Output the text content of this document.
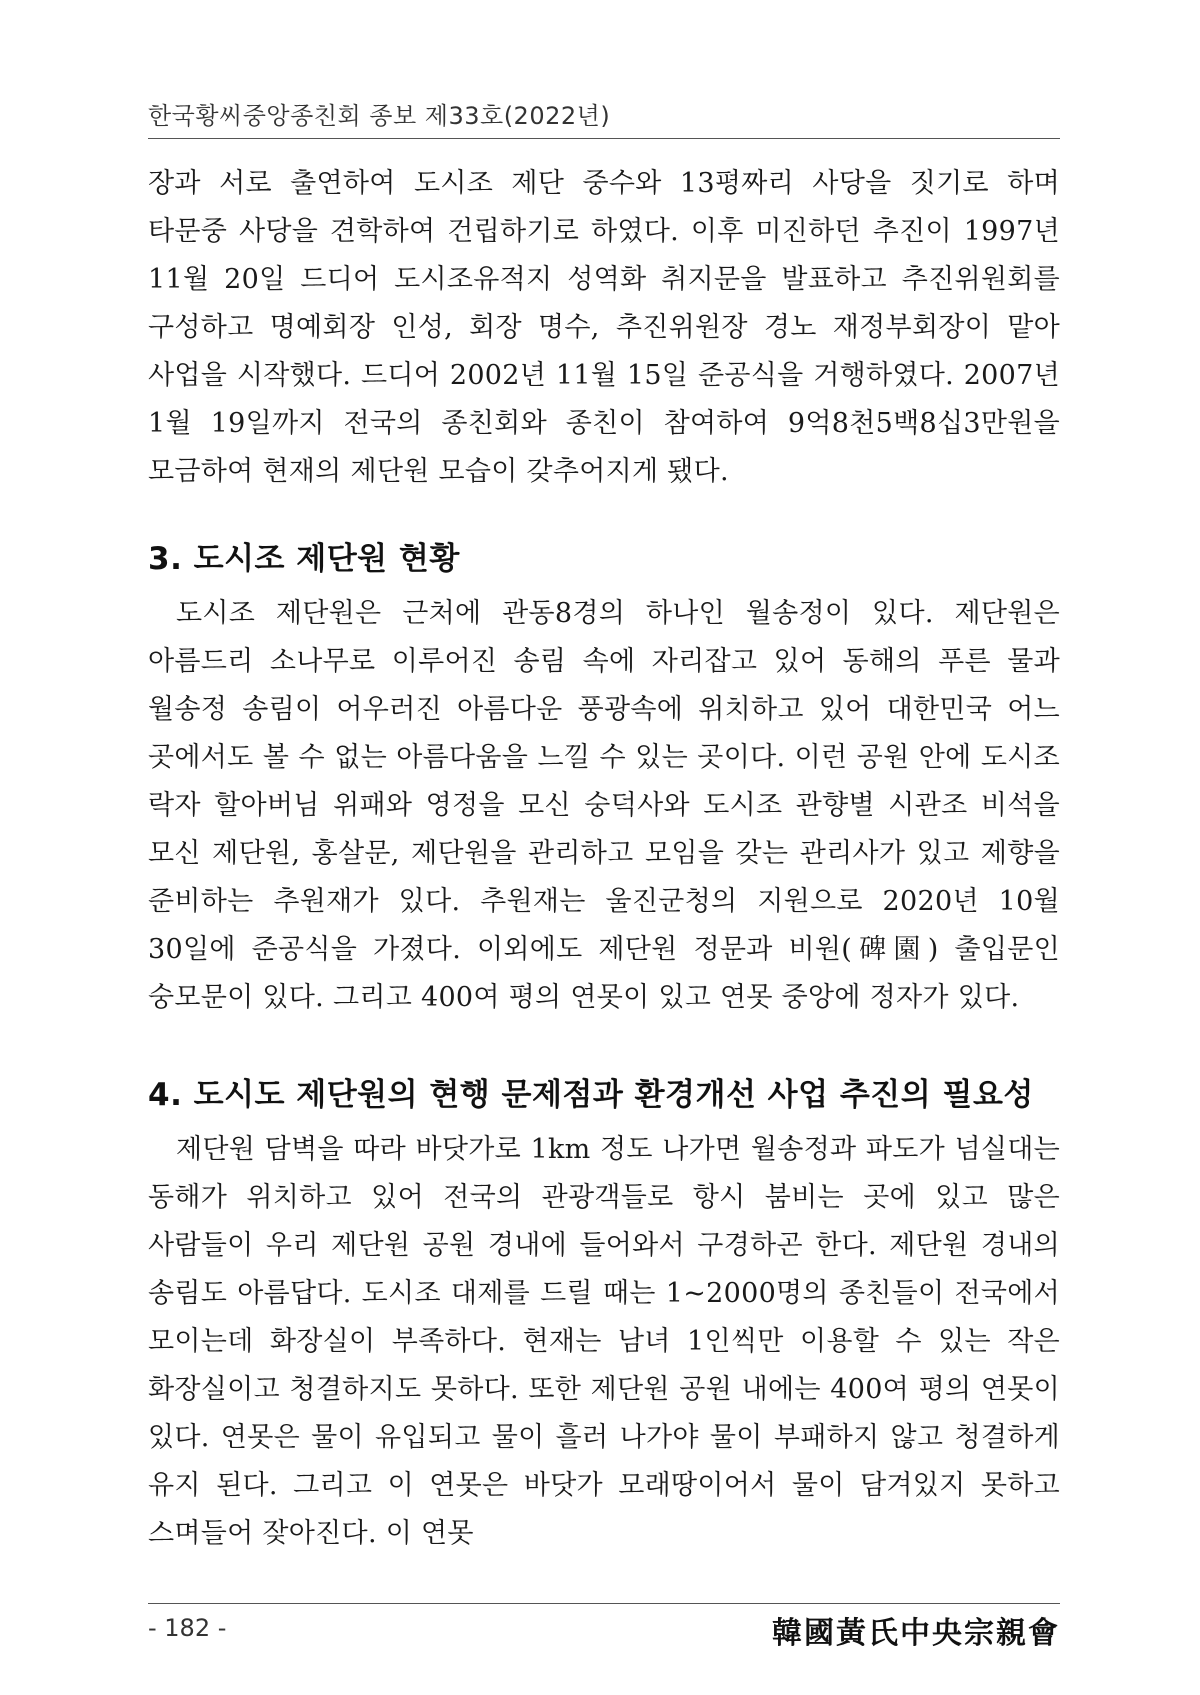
한국황씨중앙종친회 종보 제33호(2022년)

장과 서로 출연하여 도시조 제단 중수와 13평짜리 사당을 짓기로 하며 타문중 사당을 견학하여 건립하기로 하였다. 이후 미진하던 추진이 1997년 11월 20일 드디어 도시조유적지 성역화 취지문을 발표하고 추진위원회를 구성하고 명예회장 인성, 회장 명수, 추진위원장 경노 재정부회장이 맡아 사업을 시작했다. 드디어 2002년 11월 15일 준공식을 거행하였다. 2007년 1월 19일까지 전국의 종친회와 종친이 참여하여 9억8천5백8십3만원을 모금하여 현재의 제단원 모습이 갖추어지게 됐다.

3. 도시조 제단원 현황

도시조 제단원은 근처에 관동8경의 하나인 월송정이 있다. 제단원은 아름드리 소나무로 이루어진 송림 속에 자리잡고 있어 동해의 푸른 물과 월송정 송림이 어우러진 아름다운 풍광속에 위치하고 있어 대한민국 어느 곳에서도 볼 수 없는 아름다움을 느낄 수 있는 곳이다. 이런 공원 안에 도시조 락자 할아버님 위패와 영정을 모신 숭덕사와 도시조 관향별 시관조 비석을 모신 제단원, 홍살문, 제단원을 관리하고 모임을 갖는 관리사가 있고 제향을 준비하는 추원재가 있다. 추원재는 울진군청의 지원으로 2020년 10월 30일에 준공식을 가졌다. 이외에도 제단원 정문과 비원(碑園) 출입문인 숭모문이 있다. 그리고 400여 평의 연못이 있고 연못 중앙에 정자가 있다.

4. 도시도 제단원의 현행 문제점과 환경개선 사업 추진의 필요성

제단원 담벽을 따라 바닷가로 1km 정도 나가면 월송정과 파도가 넘실대는 동해가 위치하고 있어 전국의 관광객들로 항시 붐비는 곳에 있고 많은 사람들이 우리 제단원 공원 경내에 들어와서 구경하곤 한다. 제단원 경내의 송림도 아름답다. 도시조 대제를 드릴 때는 1~2000명의 종친들이 전국에서 모이는데 화장실이 부족하다. 현재는 남녀 1인씩만 이용할 수 있는 작은 화장실이고 청결하지도 못하다. 또한 제단원 공원 내에는 400여 평의 연못이 있다. 연못은 물이 유입되고 물이 흘러 나가야 물이 부패하지 않고 청결하게 유지 된다. 그리고 이 연못은 바닷가 모래땅이어서 물이 담겨있지 못하고 스며들어 잦아진다. 이 연못

- 182 -	韓國黃氏中央宗親會
